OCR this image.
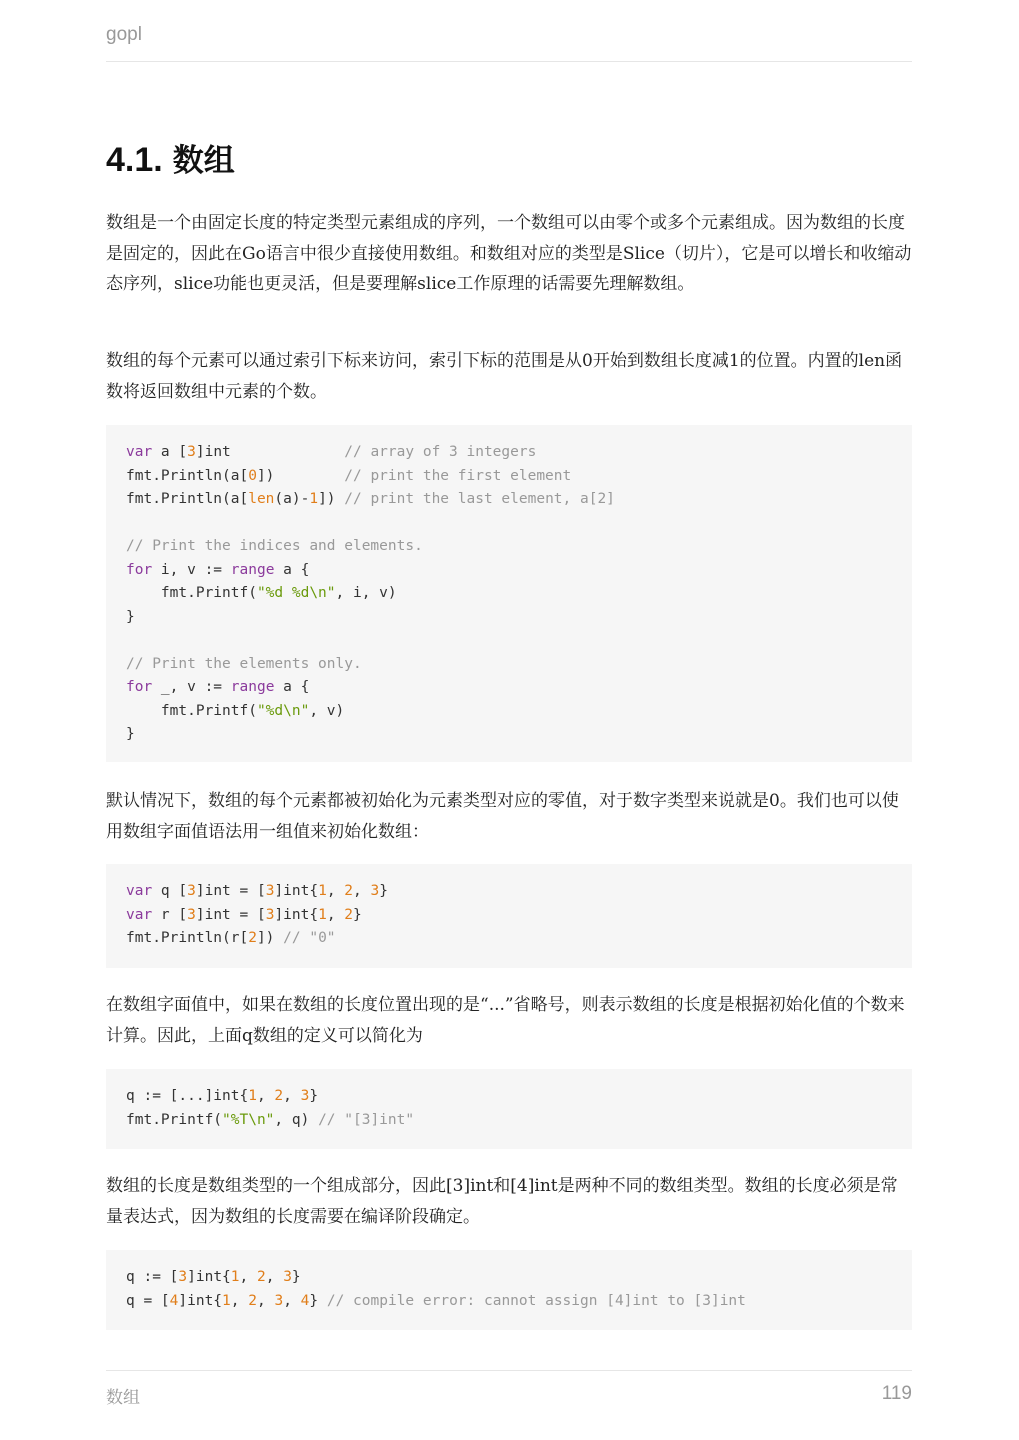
gopl
4.1. 数组

数组是一个由固定长度的特定类型元素组成的序列，一个数组可以由零个或多个元素组成。因为数组的长度是固定的，因此在Go语言中很少直接使用数组。和数组对应的类型是Slice（切片），它是可以增长和收缩动态序列，slice功能也更灵活，但是要理解slice工作原理的话需要先理解数组。

数组的每个元素可以通过索引下标来访问，索引下标的范围是从0开始到数组长度减1的位置。内置的len函数将返回数组中元素的个数。

var a [3]int             // array of 3 integers
fmt.Println(a[0])        // print the first element
fmt.Println(a[len(a)-1]) // print the last element, a[2]

// Print the indices and elements.
for i, v := range a {
fmt.Printf("%d %d\n", i, v)
}

// Print the elements only.
for _, v := range a {
fmt.Printf("%d\n", v)
}

默认情况下，数组的每个元素都被初始化为元素类型对应的零值，对于数字类型来说就是0。我们也可以使用数组字面值语法用一组值来初始化数组：

var q [3]int = [3]int{1, 2, 3}
var r [3]int = [3]int{1, 2}
fmt.Println(r[2]) // "0"

在数组字面值中，如果在数组的长度位置出现的是“...”省略号，则表示数组的长度是根据初始化值的个数来计算。因此，上面q数组的定义可以简化为

q := [...]int{1, 2, 3}
fmt.Printf("%T\n", q) // "[3]int"

数组的长度是数组类型的一个组成部分，因此[3]int和[4]int是两种不同的数组类型。数组的长度必须是常量表达式，因为数组的长度需要在编译阶段确定。

q := [3]int{1, 2, 3}
q = [4]int{1, 2, 3, 4} // compile error: cannot assign [4]int to [3]int
数组	119
